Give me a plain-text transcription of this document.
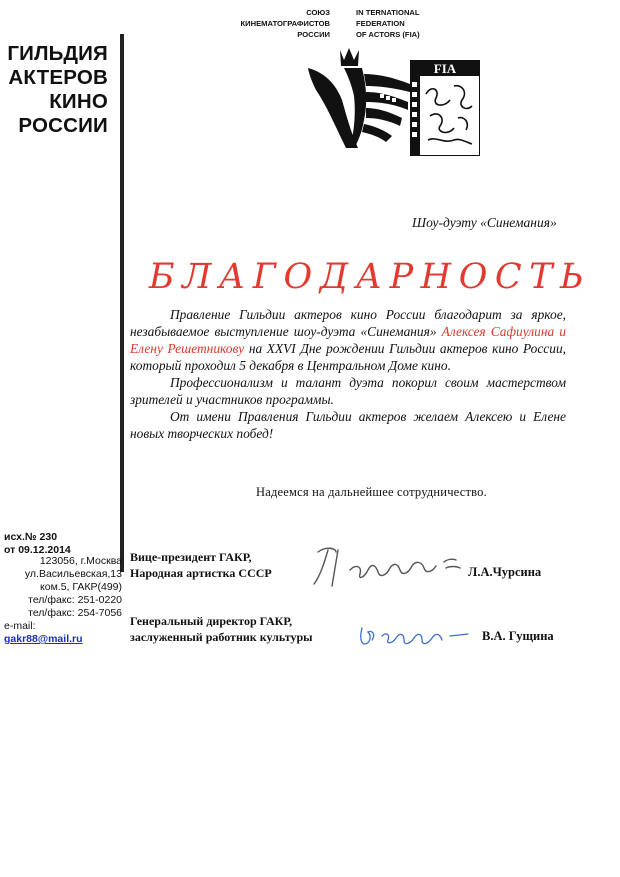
ГИЛЬДИЯ
АКТЕРОВ
КИНО
РОССИИ
СОЮЗ
КИНЕМАТОГРАФИСТОВ
РОССИИ
IN TERNATIONAL
FEDERATION
OF ACTORS (FIA)
FIA
Шоу-дуэту «Синемания»
БЛАГОДАРНОСТЬ

Правление Гильдии актеров кино России благодарит за яркое, незабываемое выступление шоу-дуэта «Синемания» Алексея Сафиулина и Елену Решетникову на XXVI Дне рождении Гильдии актеров кино России, который проходил 5 декабря в Центральном Доме кино.

Профессионализм и талант дуэта покорил своим мастерством зрителей и участников программы.

От имени Правления Гильдии актеров желаем Алексею и Елене новых творческих побед!

Надеемся на дальнейшее сотрудничество.
Вице-президент ГАКР,
Народная артистка СССР	Л.А.Чурсина
Генеральный директор ГАКР,
заслуженный работник культуры	В.А. Гущина
исх.№ 230
от 09.12.2014
123056, г.Москва
ул.Васильевская,13
ком.5, ГАКР(499)
тел/факс: 251-0220
тел/факс: 254-7056
e-mail:
gakr88@mail.ru
